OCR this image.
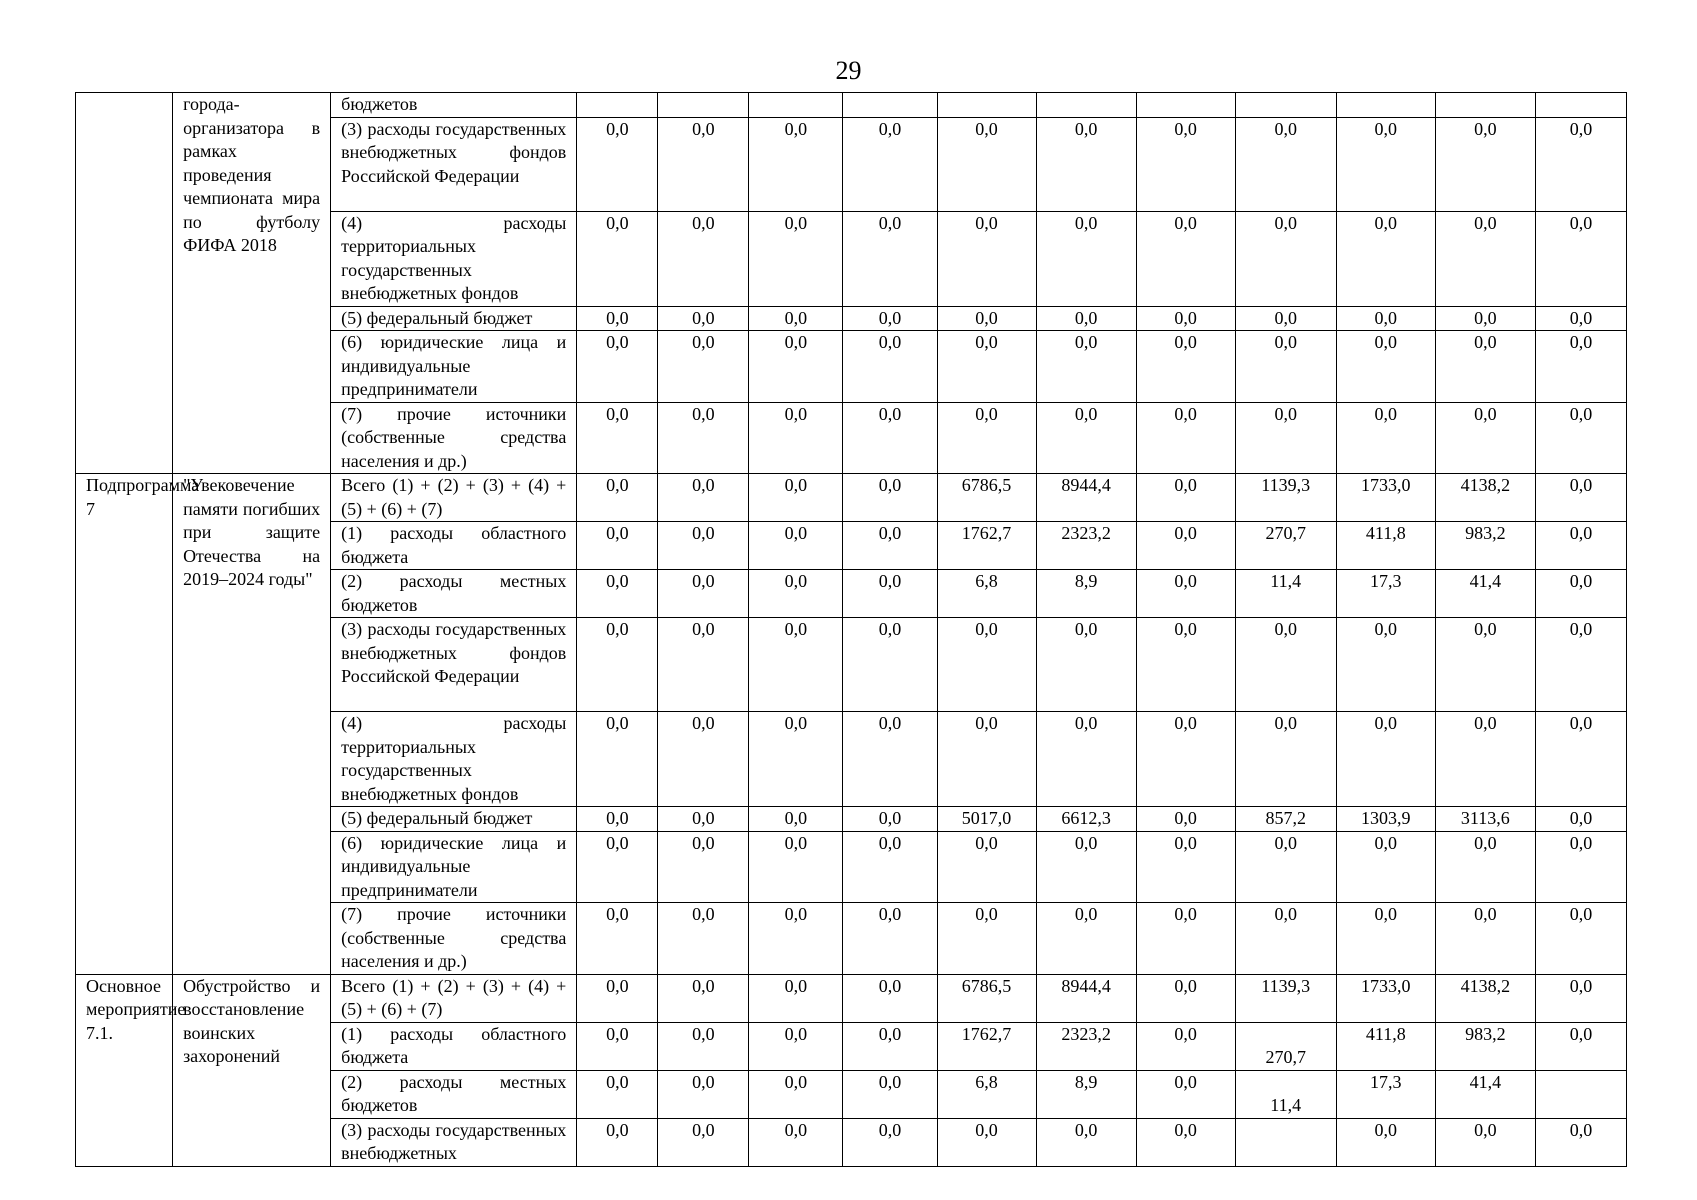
29
	города-организатора в рамках проведения чемпионата мира по футболу ФИФА 2018	бюджетов											
		(3) расходы государственных внебюджетных фондов Российской Федерации	0,0	0,0	0,0	0,0	0,0	0,0	0,0	0,0	0,0	0,0	0,0
		(4) расходы территориальных государственных внебюджетных фондов	0,0	0,0	0,0	0,0	0,0	0,0	0,0	0,0	0,0	0,0	0,0
		(5) федеральный бюджет	0,0	0,0	0,0	0,0	0,0	0,0	0,0	0,0	0,0	0,0	0,0
		(6) юридические лица и индивидуальные предприниматели	0,0	0,0	0,0	0,0	0,0	0,0	0,0	0,0	0,0	0,0	0,0
		(7) прочие источники (собственные средства населения и др.)	0,0	0,0	0,0	0,0	0,0	0,0	0,0	0,0	0,0	0,0	0,0
Подпрограмма 7	"Увековечение памяти погибших при защите Отечества на 2019–2024 годы"	Всего (1) + (2) + (3) + (4) + (5) + (6) + (7)	0,0	0,0	0,0	0,0	6786,5	8944,4	0,0	1139,3	1733,0	4138,2	0,0
		(1) расходы областного бюджета	0,0	0,0	0,0	0,0	1762,7	2323,2	0,0	270,7	411,8	983,2	0,0
		(2) расходы местных бюджетов	0,0	0,0	0,0	0,0	6,8	8,9	0,0	11,4	17,3	41,4	0,0
		(3) расходы государственных внебюджетных фондов Российской Федерации	0,0	0,0	0,0	0,0	0,0	0,0	0,0	0,0	0,0	0,0	0,0
		(4) расходы территориальных государственных внебюджетных фондов	0,0	0,0	0,0	0,0	0,0	0,0	0,0	0,0	0,0	0,0	0,0
		(5) федеральный бюджет	0,0	0,0	0,0	0,0	5017,0	6612,3	0,0	857,2	1303,9	3113,6	0,0
		(6) юридические лица и индивидуальные предприниматели	0,0	0,0	0,0	0,0	0,0	0,0	0,0	0,0	0,0	0,0	0,0
		(7) прочие источники (собственные средства населения и др.)	0,0	0,0	0,0	0,0	0,0	0,0	0,0	0,0	0,0	0,0	0,0
Основное мероприятие 7.1.	Обустройство и восстановление воинских захоронений	Всего (1) + (2) + (3) + (4) + (5) + (6) + (7)	0,0	0,0	0,0	0,0	6786,5	8944,4	0,0	1139,3	1733,0	4138,2	0,0
		(1) расходы областного бюджета	0,0	0,0	0,0	0,0	1762,7	2323,2	0,0	270,7	411,8	983,2	0,0
		(2) расходы местных бюджетов	0,0	0,0	0,0	0,0	6,8	8,9	0,0	11,4	17,3	41,4	
		(3) расходы государственных внебюджетных	0,0	0,0	0,0	0,0	0,0	0,0	0,0		0,0	0,0	0,0
